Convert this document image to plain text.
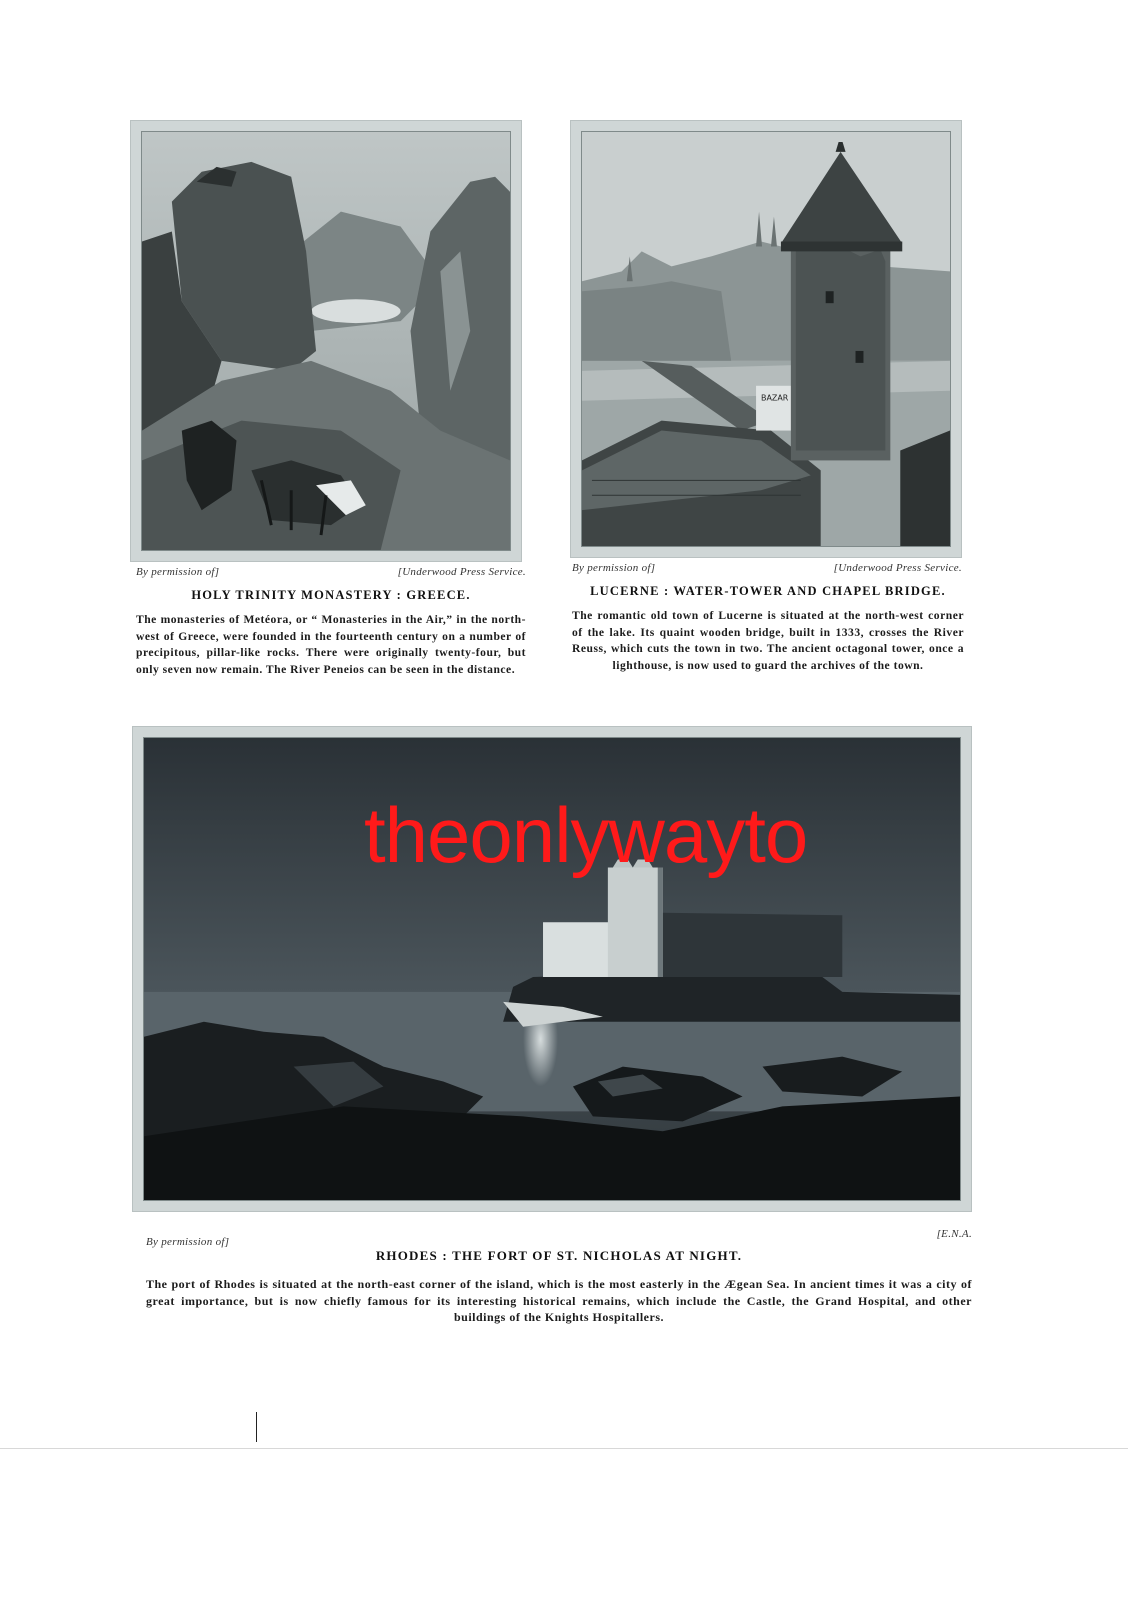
By permission of]	[Underwood Press Service.
HOLY TRINITY MONASTERY : GREECE.
The monasteries of Metéora, or “ Monasteries in the Air,” in the north-west of Greece, were founded in the fourteenth century on a number of precipitous, pillar-like rocks. There were originally twenty-four, but only seven now remain. The River Peneios can be seen in the distance.
BAZAR
By permission of]	[Underwood Press Service.
LUCERNE : WATER-TOWER AND CHAPEL BRIDGE.
The romantic old town of Lucerne is situated at the north-west corner of the lake. Its quaint wooden bridge, built in 1333, crosses the River Reuss, which cuts the town in two. The ancient octagonal tower, once a lighthouse, is now used to guard the archives of the town.
theonlywayto
By permission of]
[E.N.A.
RHODES : THE FORT OF ST. NICHOLAS AT NIGHT.
The port of Rhodes is situated at the north-east corner of the island, which is the most easterly in the Ægean Sea. In ancient times it was a city of great importance, but is now chiefly famous for its interesting historical remains, which include the Castle, the Grand Hospital, and other buildings of the Knights Hospitallers.
